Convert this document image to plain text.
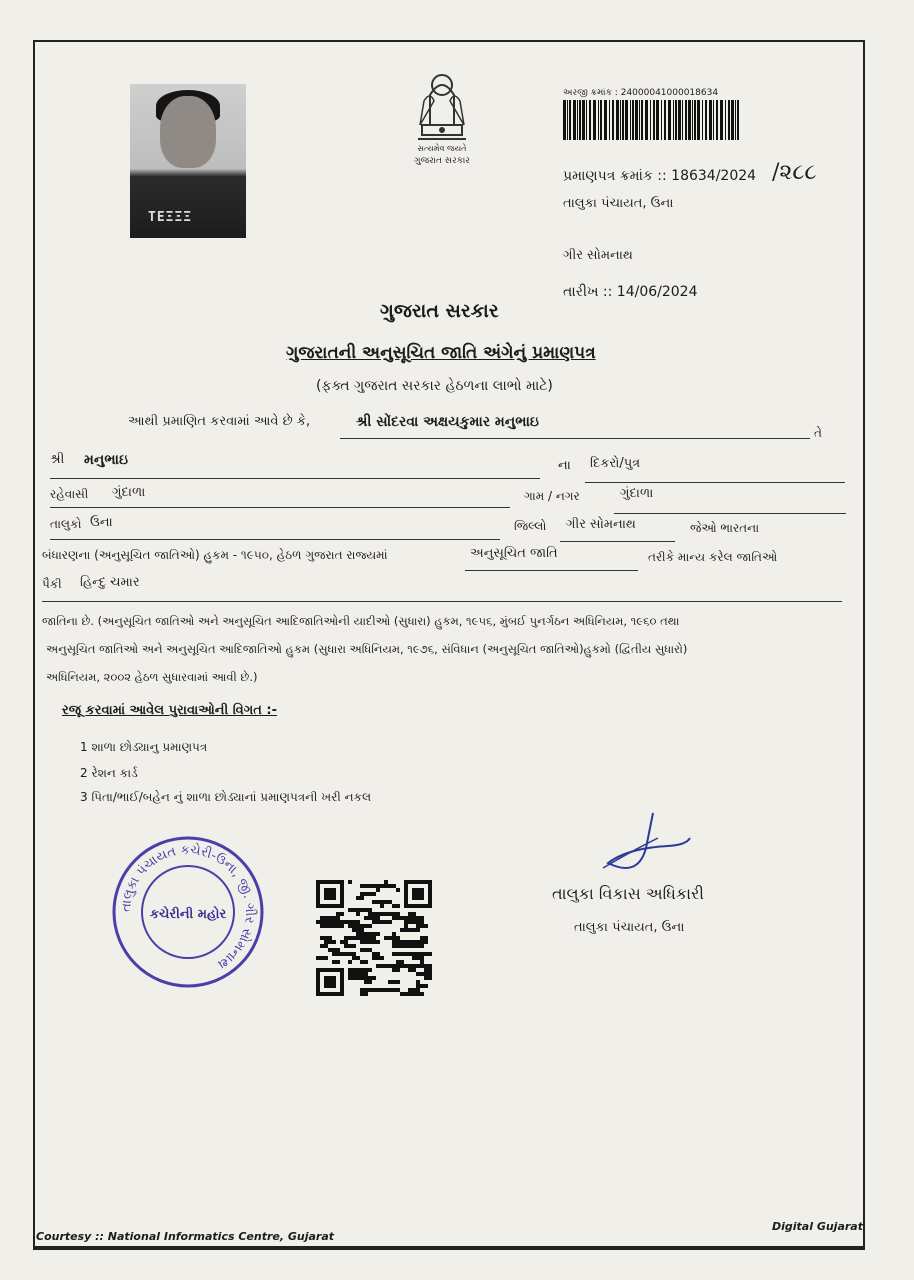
ΤΕΞΞΞ
સત્યમેવ જયતે
ગુજરાત સરકાર
અરજી ક્રમાંક : 24000041000018634
પ્રમાણપત્ર ક્રમાંક :: 18634/2024 /૨૮૮
તાલુકા પંચાયત, ઉના
ગીર સોમનાથ
તારીખ :: 14/06/2024
ગુજરાત સરકાર
ગુજરાતની અનુસૂચિત જાતિ અંગેનું પ્રમાણપત્ર
(ફક્ત ગુજરાત સરકાર હેઠળના લાભો માટે)
આથી પ્રમાણિત કરવામાં આવે છે કે,	શ્રી સોંદરવા અક્ષયકુમાર મનુભાઇ
તે
શ્રી મનુભાઇ	ના દિકરો/પુત્ર
રહેવાસી ગુંદાળા	ગામ / નગર	ગુંદાળા
તાલુકો ઉના	જિલ્લો ગીર સોમનાથ	જેઓ ભારતના
બંધારણના (અનુસૂચિત જાતિઓ) હુકમ - ૧૯૫૦, હેઠળ ગુજરાત રાજ્યમાં	અનુસૂચિત જાતિ	તરીકે માન્ય કરેલ જાતિઓ
પૈકી હિન્દુ ચમાર
જાતિના છે. (અનુસૂચિત જાતિઓ અને અનુસૂચિત આદિજાતિઓની યાદીઓ (સુધારા) હુકમ, ૧૯૫૬, મુંબઈ પુનર્ગઠન અધિનિયમ, ૧૯૬૦ તથા
અનુસૂચિત જાતિઓ અને અનુસૂચિત આદિજાતિઓ હુકમ (સુધારા અધિનિયમ, ૧૯૭૬, સંવિધાન (અનુસૂચિત જાતિઓ)હુકમો (દ્વિતીય સુધારો)
અધિનિયમ, ૨૦૦૨ હેઠળ સુધારવામાં આવી છે.)
રજૂ કરવામાં આવેલ પુરાવાઓની વિગત :-
1 શાળા છોડ્યાનુ પ્રમાણપત્ર
2 રેશન કાર્ડ
3 પિતા/ભાઈ/બહેન નું શાળા છોડ્યાનાં પ્રમાણપત્રની ખરી નકલ
તાલુકા વિકાસ અધિકારી
તાલુકા પંચાયત, ઉના
તાલુકા પંચાયત કચેરી-ઉના, જી. ગીર સોમનાથ
કચેરીની મહોર
Courtesy :: National Informatics Centre, Gujarat
Digital Gujarat
